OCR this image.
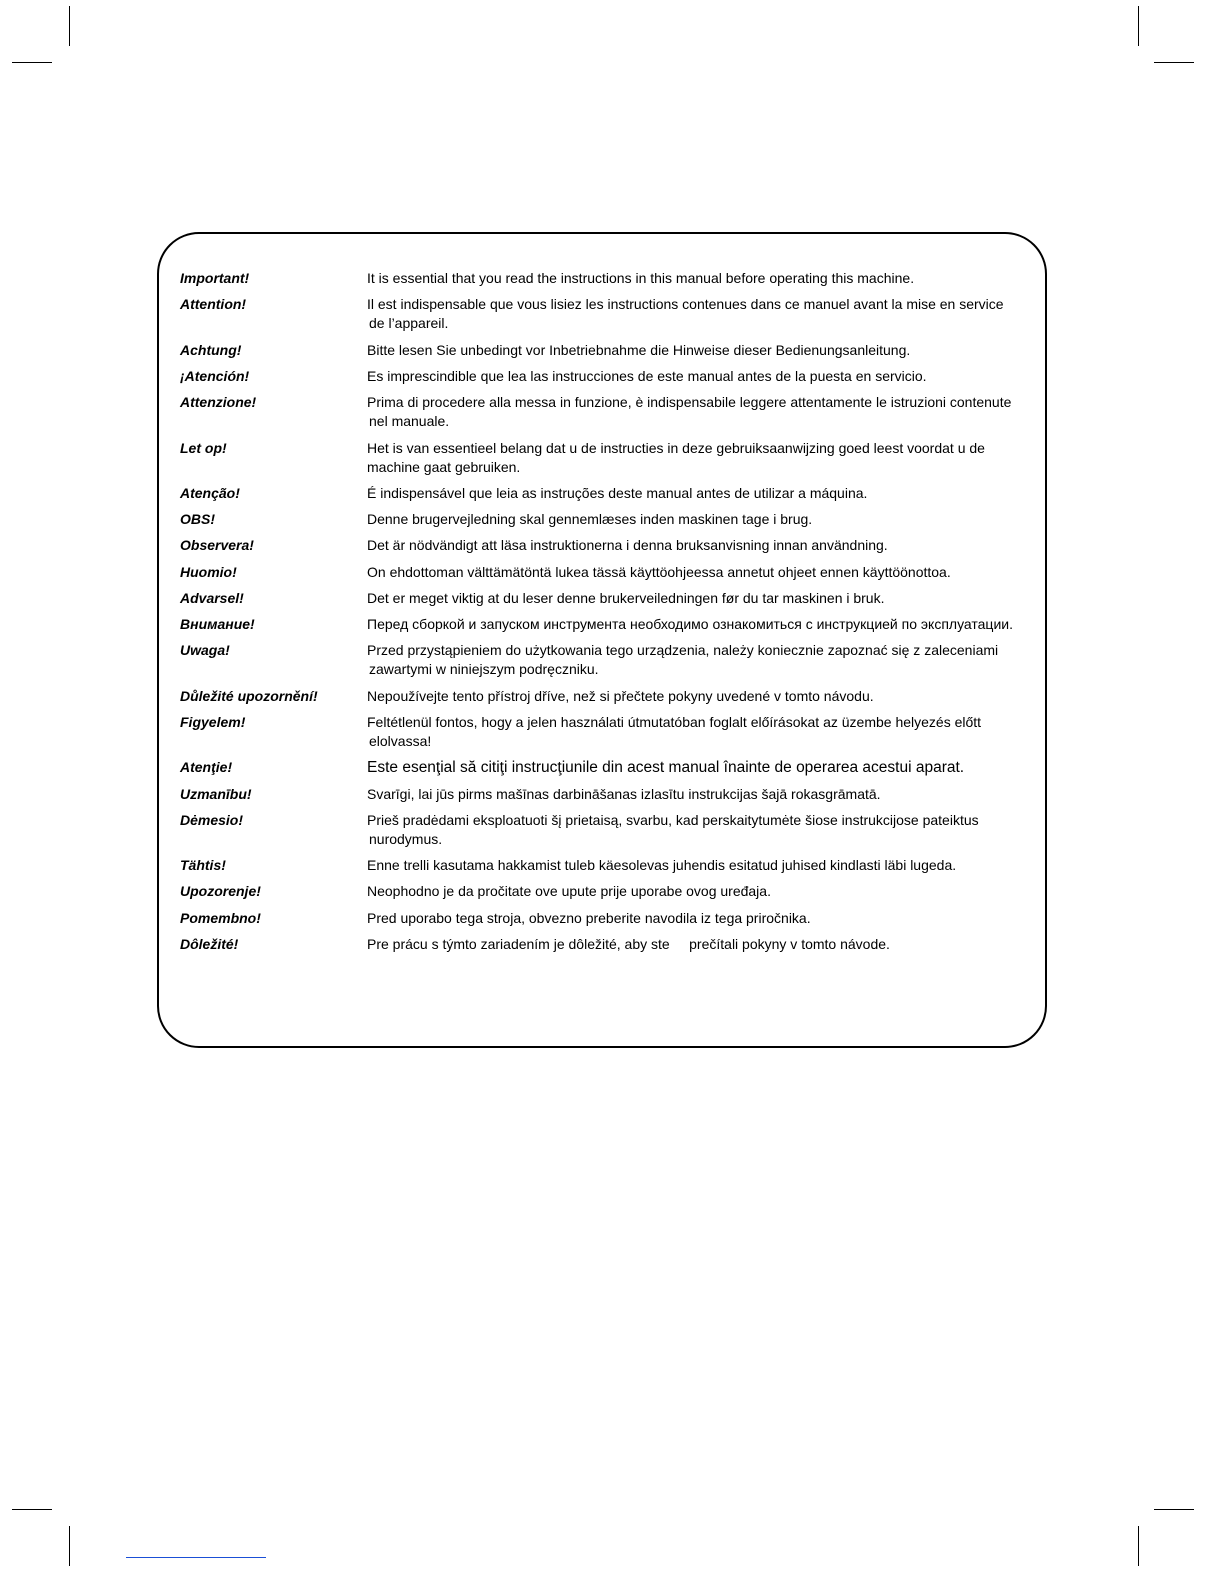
Important!	It is essential that you read the instructions in this manual before operating this machine.
Attention!	Il est indispensable que vous lisiez les instructions contenues dans ce manuel avant la mise en service
de l’appareil.
Achtung!	Bitte lesen Sie unbedingt vor Inbetriebnahme die Hinweise dieser Bedienungsanleitung.
¡Atención!	Es imprescindible que lea las instrucciones de este manual antes de la puesta en servicio.
Attenzione!	Prima di procedere alla messa in funzione, è indispensabile leggere attentamente le istruzioni contenute
nel manuale.
Let op!	Het is van essentieel belang dat u de instructies in deze gebruiksaanwijzing goed leest voordat u de
machine gaat gebruiken.
Atenção!	É indispensável que leia as instruções deste manual antes de utilizar a máquina.
OBS!	Denne brugervejledning skal gennemlæses inden maskinen tage i brug.
Observera!	Det är nödvändigt att läsa instruktionerna i denna bruksanvisning innan användning.
Huomio!	On ehdottoman välttämätöntä lukea tässä käyttöohjeessa annetut ohjeet ennen käyttöönottoa.
Advarsel!	Det er meget viktig at du leser denne brukerveiledningen før du tar maskinen i bruk.
Внимание!	Перед сборкой и запуском инструмента необходимо ознакомиться с инструкцией по эксплуатации.
Uwaga!	Przed przystąpieniem do użytkowania tego urządzenia, należy koniecznie zapoznać się z zaleceniami
zawartymi w niniejszym podręczniku.
Důležité upozornění!	Nepoužívejte tento přístroj dříve, než si přečtete pokyny uvedené v tomto návodu.
Figyelem!	Feltétlenül fontos, hogy a jelen használati útmutatóban foglalt előírásokat az üzembe helyezés előtt
elolvassa!
Atenţie!	Este esenţial să citiţi instrucţiunile din acest manual înainte de operarea acestui aparat.
Uzmanību!	Svarīgi, lai jūs pirms mašīnas darbināšanas izlasītu instrukcijas šajā rokasgrāmatā.
Dėmesio!	Prieš pradėdami eksploatuoti šį prietaisą, svarbu, kad perskaitytumėte šiose instrukcijose pateiktus
nurodymus.
Tähtis!	Enne trelli kasutama hakkamist tuleb käesolevas juhendis esitatud juhised kindlasti läbi lugeda.
Upozorenje!	Neophodno je da pročitate ove upute prije uporabe ovog uređaja.
Pomembno!	Pred uporabo tega stroja, obvezno preberite navodila iz tega priročnika.
Dôležité!	Pre prácu s týmto zariadením je dôležité, aby ste     prečítali pokyny v tomto návode.
